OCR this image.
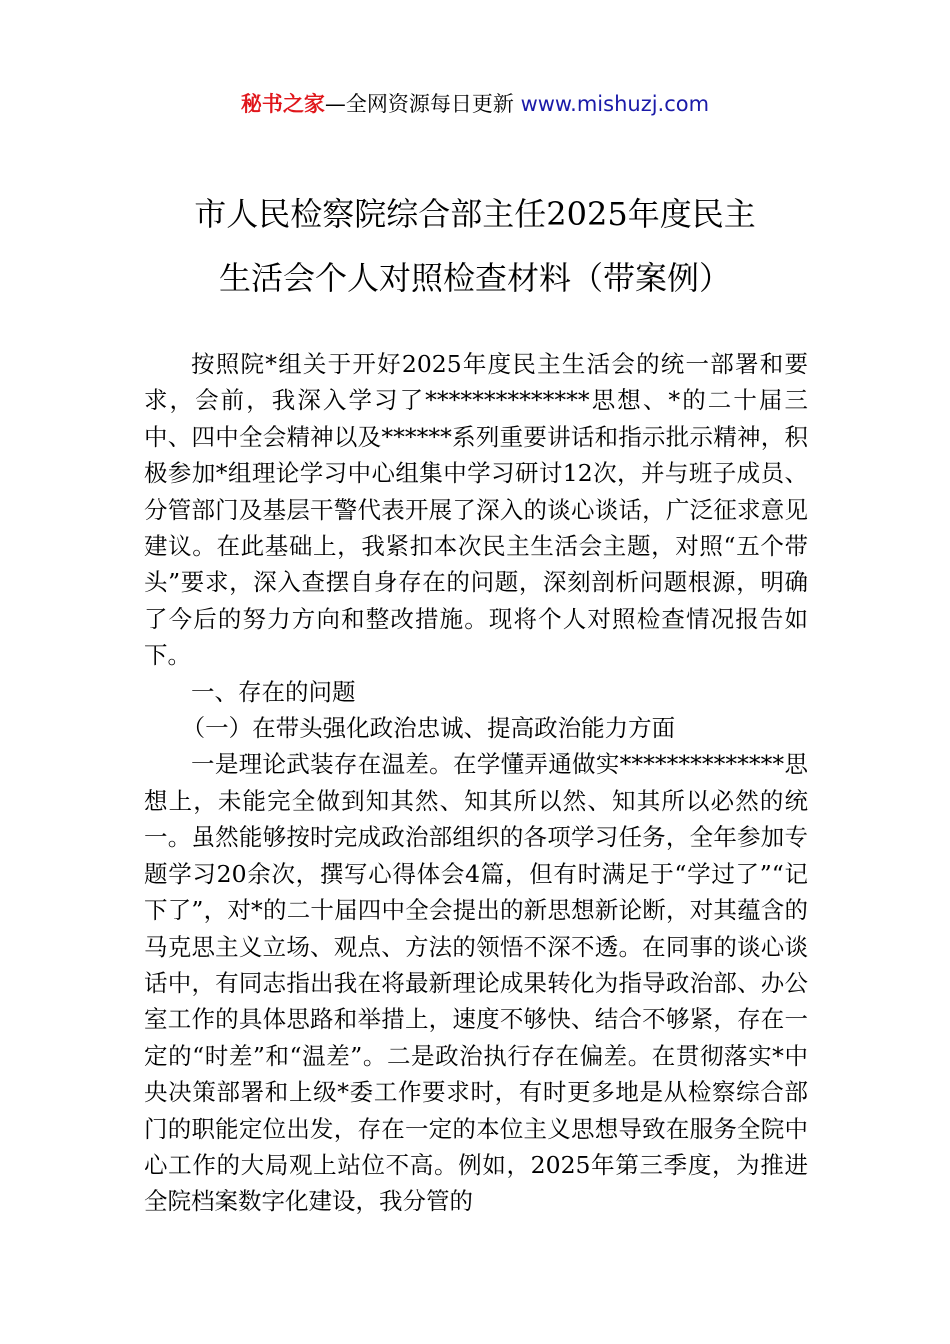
秘书之家—全网资源每日更新 www.mishuzj.com
市人民检察院综合部主任2025年度民主
生活会个人对照检查材料（带案例）

按照院*组关于开好2025年度民主生活会的统一部署和要求，会前，我深入学习了**************思想、*的二十届三中、四中全会精神以及******系列重要讲话和指示批示精神，积极参加*组理论学习中心组集中学习研讨12次，并与班子成员、分管部门及基层干警代表开展了深入的谈心谈话，广泛征求意见建议。在此基础上，我紧扣本次民主生活会主题，对照“五个带头”要求，深入查摆自身存在的问题，深刻剖析问题根源，明确了今后的努力方向和整改措施。现将个人对照检查情况报告如下。

一、存在的问题

（一）在带头强化政治忠诚、提高政治能力方面

一是理论武装存在温差。在学懂弄通做实**************思想上，未能完全做到知其然、知其所以然、知其所以必然的统一。虽然能够按时完成政治部组织的各项学习任务，全年参加专题学习20余次，撰写心得体会4篇，但有时满足于“学过了”“记下了”，对*的二十届四中全会提出的新思想新论断，对其蕴含的马克思主义立场、观点、方法的领悟不深不透。在同事的谈心谈话中，有同志指出我在将最新理论成果转化为指导政治部、办公室工作的具体思路和举措上，速度不够快、结合不够紧，存在一定的“时差”和“温差”。二是政治执行存在偏差。在贯彻落实*中央决策部署和上级*委工作要求时，有时更多地是从检察综合部门的职能定位出发，存在一定的本位主义思想导致在服务全院中心工作的大局观上站位不高。例如，2025年第三季度，为推进全院档案数字化建设，我分管的
